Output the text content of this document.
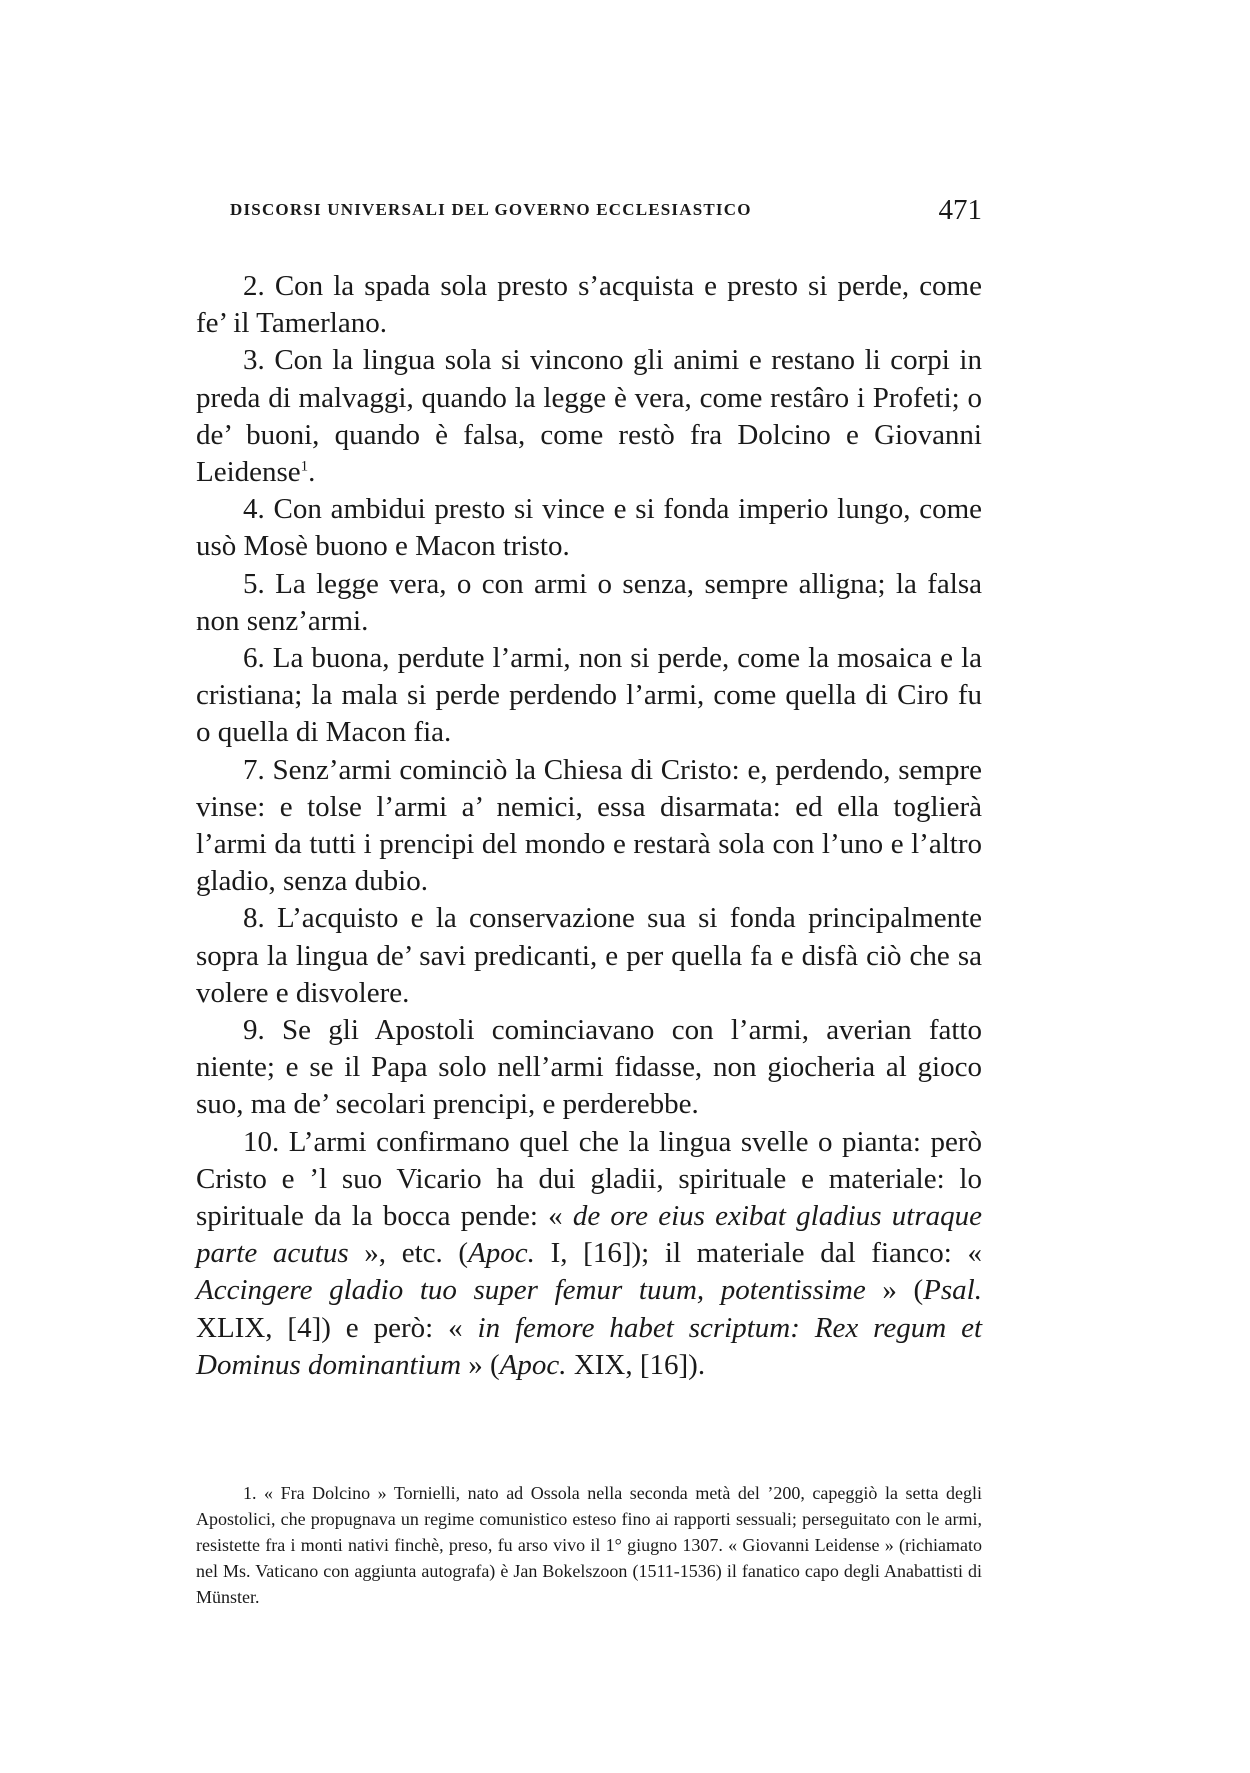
DISCORSI UNIVERSALI DEL GOVERNO ECCLESIASTICO	471

2. Con la spada sola presto s’acquista e presto si perde, come fe’ il Tamerlano.

3. Con la lingua sola si vincono gli animi e restano li corpi in preda di malvaggi, quando la legge è vera, come restâro i Profeti; o de’ buoni, quando è falsa, come restò fra Dolcino e Giovanni Leidense$^1$.

4. Con ambidui presto si vince e si fonda imperio lungo, come usò Mosè buono e Macon tristo.

5. La legge vera, o con armi o senza, sempre alligna; la falsa non senz’armi.

6. La buona, perdute l’armi, non si perde, come la mosaica e la cristiana; la mala si perde perdendo l’armi, come quella di Ciro fu o quella di Macon fia.

7. Senz’armi cominciò la Chiesa di Cristo: e, perdendo, sempre vinse: e tolse l’armi a’ nemici, essa disarmata: ed ella toglierà l’armi da tutti i prencipi del mondo e restarà sola con l’uno e l’altro gladio, senza dubio.

8. L’acquisto e la conservazione sua si fonda principalmente sopra la lingua de’ savi predicanti, e per quella fa e disfà ciò che sa volere e disvolere.

9. Se gli Apostoli cominciavano con l’armi, averian fatto niente; e se il Papa solo nell’armi fidasse, non giocheria al gioco suo, ma de’ secolari prencipi, e perderebbe.

10. L’armi confirmano quel che la lingua svelle o pianta: però Cristo e ’l suo Vicario ha dui gladii, spirituale e materiale: lo spirituale da la bocca pende: « de ore eius exibat gladius utraque parte acutus », etc. (Apoc. I, [16]); il materiale dal fianco: « Accingere gladio tuo super femur tuum, potentissime » (Psal. XLIX, [4]) e però: « in femore habet scriptum: Rex regum et Dominus dominantium » (Apoc. XIX, [16]).

1. « Fra Dolcino » Tornielli, nato ad Ossola nella seconda metà del ’200, capeggiò la setta degli Apostolici, che propugnava un regime comunistico esteso fino ai rapporti sessuali; perseguitato con le armi, resistette fra i monti nativi finchè, preso, fu arso vivo il 1° giugno 1307. « Giovanni Leidense » (richiamato nel Ms. Vaticano con aggiunta autografa) è Jan Bokelszoon (1511-1536) il fanatico capo degli Anabattisti di Münster.
